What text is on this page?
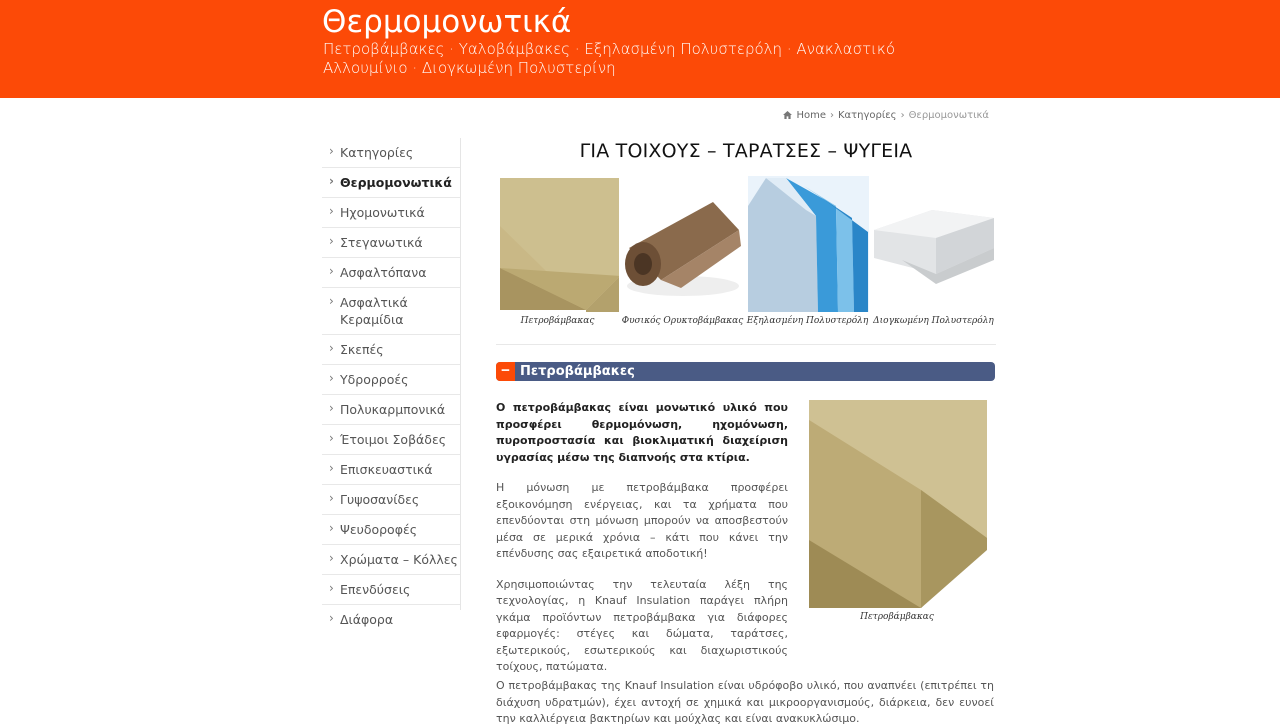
Θερμομονωτικά
Πετροβάμβακες · Υαλοβάμβακες · Εξηλασμένη Πολυστερόλη · Ανακλαστικό Αλλουμίνιο · Διογκωμένη Πολυστερίνη
Home › Κατηγορίες › Θερμομονωτικά
› Κατηγορίες
› Θερμομονωτικά
› Ηχομονωτικά
› Στεγανωτικά
› Ασφαλτόπανα
› Ασφαλτικά Κεραμίδια
› Σκεπές
› Υδρορροές
› Πολυκαρμπονικά
› Έτοιμοι Σοβάδες
› Επισκευαστικά
› Γυψοσανίδες
› Ψευδοροφές
› Χρώματα – Κόλλες
› Επενδύσεις
› Διάφορα
ΓΙΑ ΤΟΙΧΟΥΣ – ΤΑΡΑΤΣΕΣ – ΨΥΓΕΙΑ
Πετροβάμβακας	Φυσικός Ορυκτοβάμβακας Εξηλασμένη Πολυστερόλη Διογκωμένη Πολυστερόλη
− Πετροβάμβακες

Ο πετροβάμβακας είναι μονωτικό υλικό που προσφέρει θερμομόνωση, ηχομόνωση, πυροπροστασία και βιοκλιματική διαχείριση υγρασίας μέσω της διαπνοής στα κτίρια.

Η μόνωση με πετροβάμβακα προσφέρει εξοικονόμηση ενέργειας, και τα χρήματα που επενδύονται στη μόνωση μπορούν να αποσβεστούν μέσα σε μερικά χρόνια – κάτι που κάνει την επένδυσης σας εξαιρετικά αποδοτική!

Χρησιμοποιώντας την τελευταία λέξη της τεχνολογίας, η Knauf Insulation παράγει πλήρη γκάμα προϊόντων πετροβάμβακα για διάφορες εφαρμογές: στέγες και δώματα, ταράτσες, εξωτερικούς, εσωτερικούς και διαχωριστικούς τοίχους, πατώματα.

Πετροβάμβακας
Ο πετροβάμβακας της Knauf Insulation είναι υδρόφοβο υλικό, που αναπνέει (επιτρέπει τη διάχυση υδρατμών), έχει αντοχή σε χημικά και μικροοργανισμούς, διάρκεια, δεν ευνοεί την καλλιέργεια βακτηρίων και μούχλας και είναι ανακυκλώσιμο.
